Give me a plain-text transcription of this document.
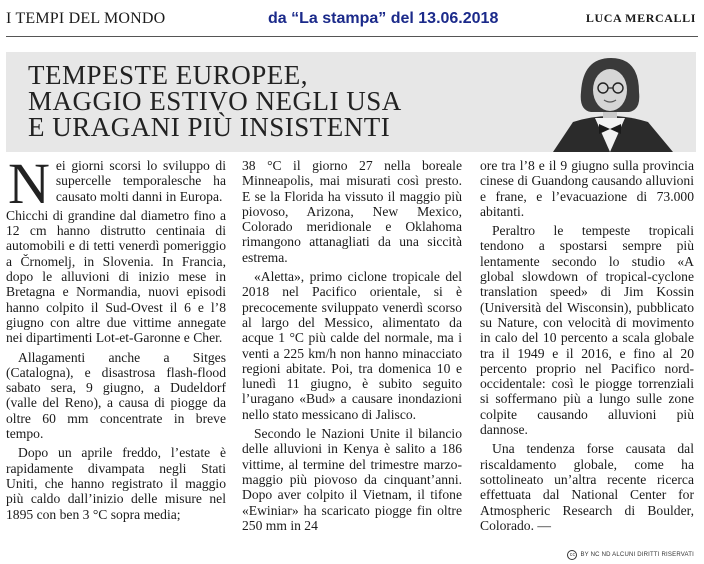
I TEMPI DEL MONDO	da “La stampa” del 13.06.2018	LUCA MERCALLI
TEMPESTE EUROPEE,
MAGGIO ESTIVO NEGLI USA
E URAGANI PIÙ INSISTENTI

Nei giorni scorsi lo sviluppo di supercelle temporalesche ha causato molti danni in Europa.

Chicchi di grandine dal diametro fino a 12 cm hanno distrutto centinaia di automobili e di tetti venerdì pomeriggio a Črnomelj, in Slovenia. In Francia, dopo le alluvioni di inizio mese in Bretagna e Normandia, nuovi episodi hanno colpito il Sud-Ovest il 6 e l’8 giugno con altre due vittime annegate nei dipartimenti Lot-et-Garonne e Cher.

Allagamenti anche a Sitges (Catalogna), e disastrosa flash-flood sabato sera, 9 giugno, a Dudeldorf (valle del Reno), a causa di piogge da oltre 60 mm concentrate in breve tempo.

Dopo un aprile freddo, l’estate è rapidamente divampata negli Stati Uniti, che hanno registrato il maggio più caldo dall’inizio delle misure nel 1895 con ben 3 °C sopra media;

38 °C il giorno 27 nella boreale Minneapolis, mai misurati così presto. E se la Florida ha vissuto il maggio più piovoso, Arizona, New Mexico, Colorado meridionale e Oklahoma rimangono attanagliati da una siccità estrema.

«Aletta», primo ciclone tropicale del 2018 nel Pacifico orientale, si è precocemente sviluppato venerdì scorso al largo del Messico, alimentato da acque 1 °C più calde del normale, ma i venti a 225 km/h non hanno minacciato regioni abitate. Poi, tra domenica 10 e lunedì 11 giugno, è subito seguito l’uragano «Bud» a causare inondazioni nello stato messicano di Jalisco.

Secondo le Nazioni Unite il bilancio delle alluvioni in Kenya è salito a 186 vittime, al termine del trimestre marzo-maggio più piovoso da cinquant’anni. Dopo aver colpito il Vietnam, il tifone «Ewiniar» ha scaricato piogge fin oltre 250 mm in 24

ore tra l’8 e il 9 giugno sulla provincia cinese di Guandong causando alluvioni e frane, e l’evacuazione di 73.000 abitanti.

Peraltro le tempeste tropicali tendono a spostarsi sempre più lentamente secondo lo studio «A global slowdown of tropical-cyclone translation speed» di Jim Kossin (Università del Wisconsin), pubblicato su Nature, con velocità di movimento in calo del 10 percento a scala globale tra il 1949 e il 2016, e fino al 20 percento proprio nel Pacifico nord-occidentale: così le piogge torrenziali si soffermano più a lungo sulle zone colpite causando alluvioni più dannose.

Una tendenza forse causata dal riscaldamento globale, come ha sottolineato un’altra recente ricerca effettuata dal National Center for Atmospheric Research di Boulder, Colorado. —

cc BY NC ND ALCUNI DIRITTI RISERVATI
